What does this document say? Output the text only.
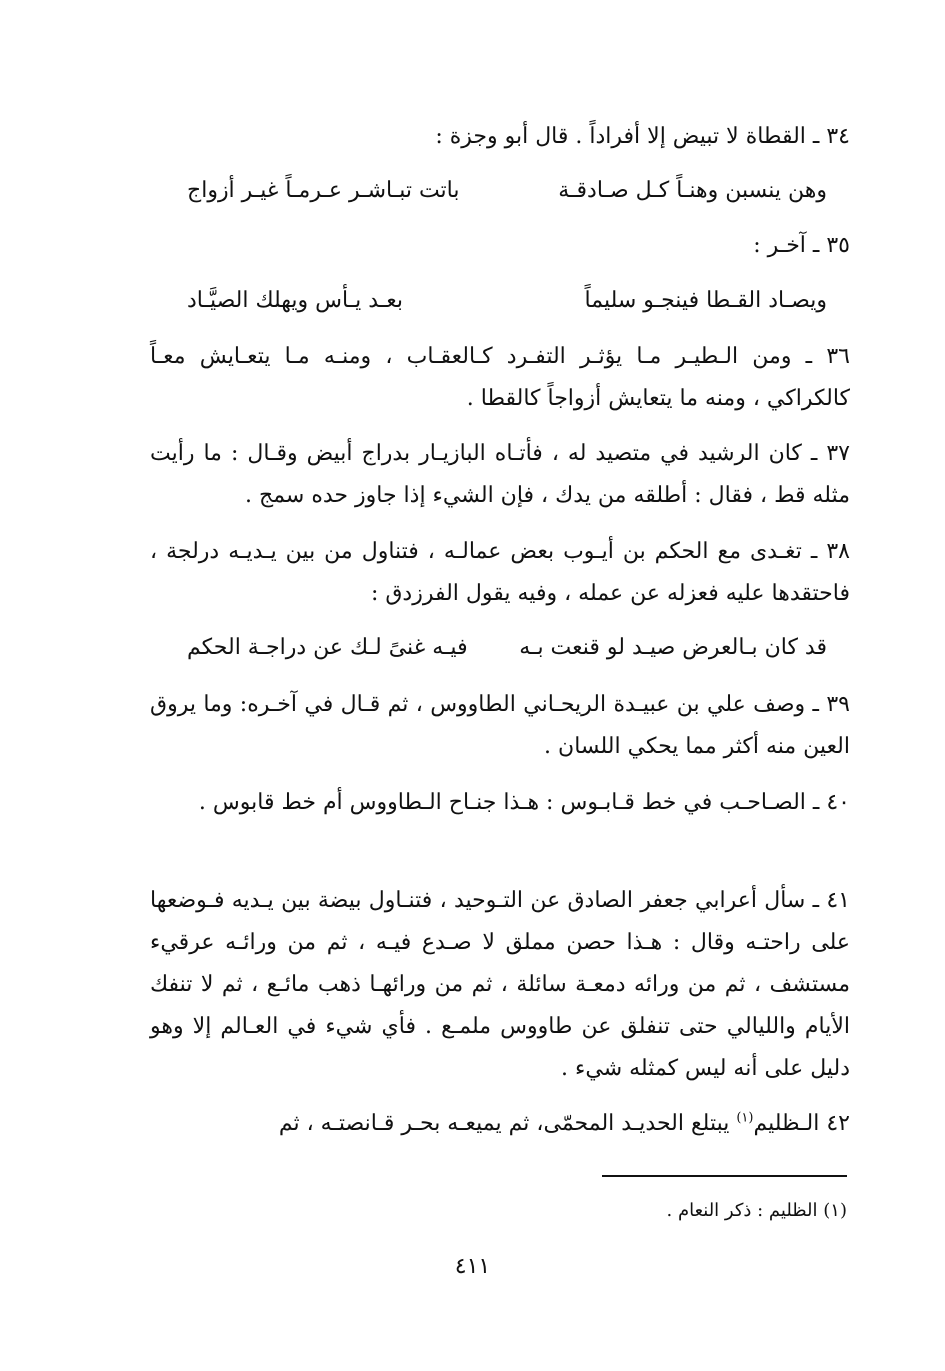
٣٤ ـ القطاة لا تبيض إلا أفراداً . قال أبو وجزة :
وهن ينسبن وهنـاً كـل صـادقـة
باتت تبـاشـر عـرمـاً غيـر أزواج
٣٥ ـ آخـر :
ويصـاد القـطا فينجـو سليماً
بعـد يـأس ويهلك الصيَّـاد
٣٦ ـ ومن الـطيـر مـا يؤثـر التفـرد كـالعقـاب ، ومنـه مـا يتعـايش معـاً كالكراكي ، ومنه ما يتعايش أزواجاً كالقطا .
٣٧ ـ كان الرشيد في متصيد له ، فأتـاه البازيـار بدراج أبيض وقـال : ما رأيت مثله قط ، فقال : أطلقه من يدك ، فإن الشيء إذا جاوز حده سمج .
٣٨ ـ تغـدى مع الحكم بن أيـوب بعض عمالـه ، فتناول من بين يـديـه درلجة ، فاحتقدها عليه فعزله عن عمله ، وفيه يقول الفرزدق :
قد كان بـالعرض صيـد لو قنعت بـه
فيـه غنىً لـك عن دراجـة الحكم
٣٩ ـ وصف علي بن عبيـدة الريحـاني الطاووس ، ثم قـال في آخـره: وما يروق العين منه أكثر مما يحكي اللسان .
٤٠ ـ الصـاحـب في خط قـابـوس : هـذا جنـاح الـطاووس أم خط قابوس .
٤١ ـ سأل أعرابي جعفر الصادق عن التـوحيد ، فتنـاول بيضة بين يـديه فـوضعها على راحتـه وقال : هـذا حصن مملق لا صـدع فيـه ، ثم من ورائـه عرقيء مستشف ، ثم من ورائه دمعـة سائلة ، ثم من ورائهـا ذهب مائـع ، ثم لا تنفك الأيام والليالي حتى تنفلق عن طاووس ملمـع . فأي شيء في العـالم إلا وهو دليل على أنه ليس كمثله شيء .
٤٢ الـظليم$^{(١)}$ يبتلع الحديـد المحمّى، ثم يميعـه بحـر قـانصتـه ، ثم
(١) الظليم : ذكر النعام .
٤١١
